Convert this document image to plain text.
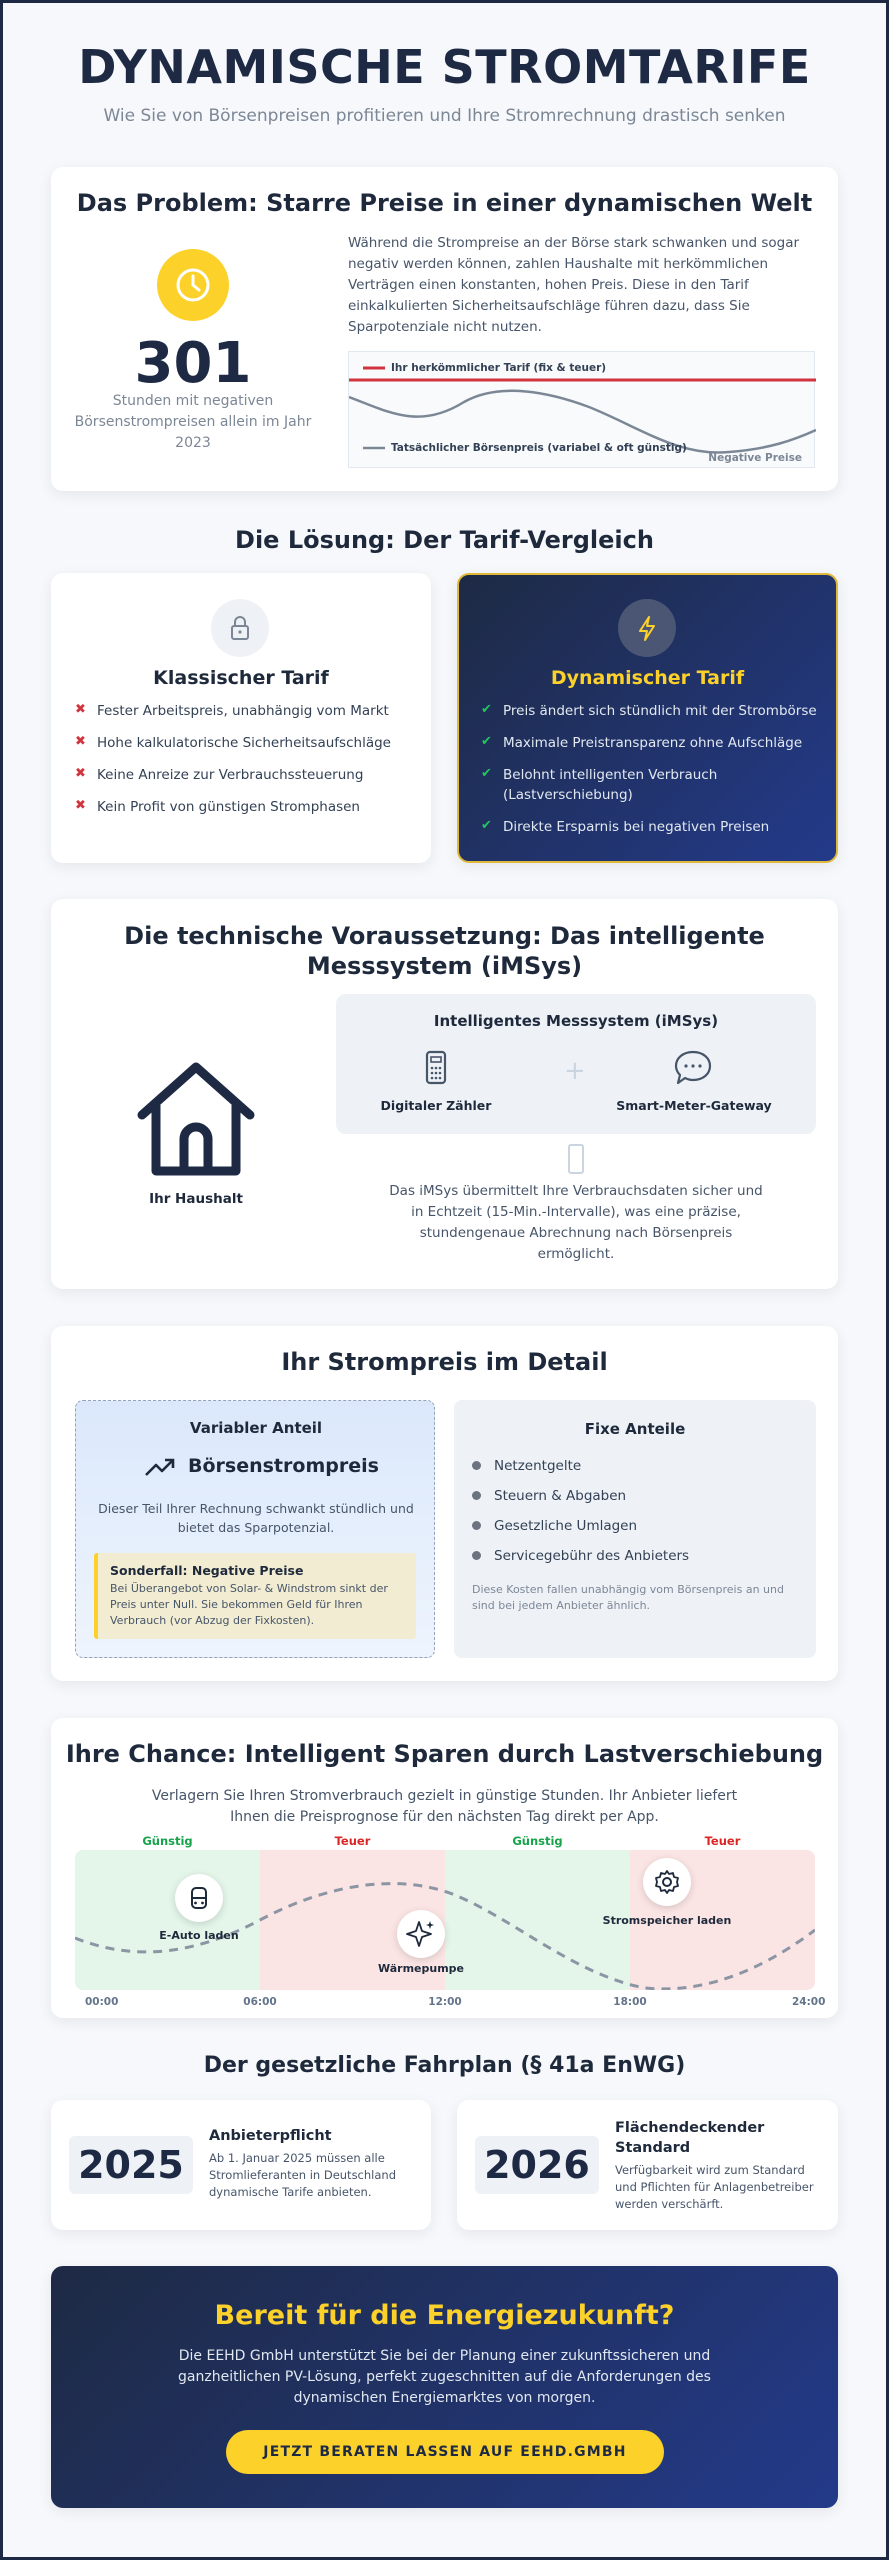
DYNAMISCHE STROMTARIFE
Wie Sie von Börsenpreisen profitieren und Ihre Stromrechnung drastisch senken
Das Problem: Starre Preise in einer dynamischen Welt
301
Stunden mit negativen Börsenstrompreisen allein im Jahr 2023
Während die Strompreise an der Börse stark schwanken und sogar negativ werden können, zahlen Haushalte mit herkömmlichen Verträgen einen konstanten, hohen Preis. Diese in den Tarif einkalkulierten Sicherheitsaufschläge führen dazu, dass Sie Sparpotenziale nicht nutzen.
Ihr herkömmlicher Tarif (fix & teuer)
Tatsächlicher Börsenpreis (variabel & oft günstig)
Negative Preise
Die Lösung: Der Tarif-Vergleich
Klassischer Tarif
✖ Fester Arbeitspreis, unabhängig vom Markt
✖ Hohe kalkulatorische Sicherheitsaufschläge
✖ Keine Anreize zur Verbrauchssteuerung
✖ Kein Profit von günstigen Stromphasen
Dynamischer Tarif
✔ Preis ändert sich stündlich mit der Strombörse
✔ Maximale Preistransparenz ohne Aufschläge
✔ Belohnt intelligenten Verbrauch (Lastverschiebung)
✔ Direkte Ersparnis bei negativen Preisen
Die technische Voraussetzung: Das intelligente Messsystem (iMSys)
Ihr Haushalt
Intelligentes Messsystem (iMSys)
Digitaler Zähler
+
Smart-Meter-Gateway
Das iMSys übermittelt Ihre Verbrauchsdaten sicher und in Echtzeit (15-Min.-Intervalle), was eine präzise, stundengenaue Abrechnung nach Börsenpreis ermöglicht.
Ihr Strompreis im Detail
Variabler Anteil
Börsenstrompreis
Dieser Teil Ihrer Rechnung schwankt stündlich und bietet das Sparpotenzial.
Sonderfall: Negative Preise
Bei Überangebot von Solar- & Windstrom sinkt der Preis unter Null. Sie bekommen Geld für Ihren Verbrauch (vor Abzug der Fixkosten).
Fixe Anteile
Netzentgelte
Steuern & Abgaben
Gesetzliche Umlagen
Servicegebühr des Anbieters
Diese Kosten fallen unabhängig vom Börsenpreis an und sind bei jedem Anbieter ähnlich.
Ihre Chance: Intelligent Sparen durch Lastverschiebung
Verlagern Sie Ihren Stromverbrauch gezielt in günstige Stunden. Ihr Anbieter liefert Ihnen die Preisprognose für den nächsten Tag direkt per App.
Günstig	Teuer	Günstig	Teuer
E-Auto laden
Wärmepumpe
Stromspeicher laden
00:00	06:00	12:00	18:00	24:00
Der gesetzliche Fahrplan (§ 41a EnWG)
2025
Anbieterpflicht
Ab 1. Januar 2025 müssen alle Stromlieferanten in Deutschland dynamische Tarife anbieten.
2026
Flächendeckender Standard
Verfügbarkeit wird zum Standard und Pflichten für Anlagenbetreiber werden verschärft.
Bereit für die Energiezukunft?
Die EEHD GmbH unterstützt Sie bei der Planung einer zukunftssicheren und ganzheitlichen PV-Lösung, perfekt zugeschnitten auf die Anforderungen des dynamischen Energiemarktes von morgen.
JETZT BERATEN LASSEN AUF EEHD.GMBH
